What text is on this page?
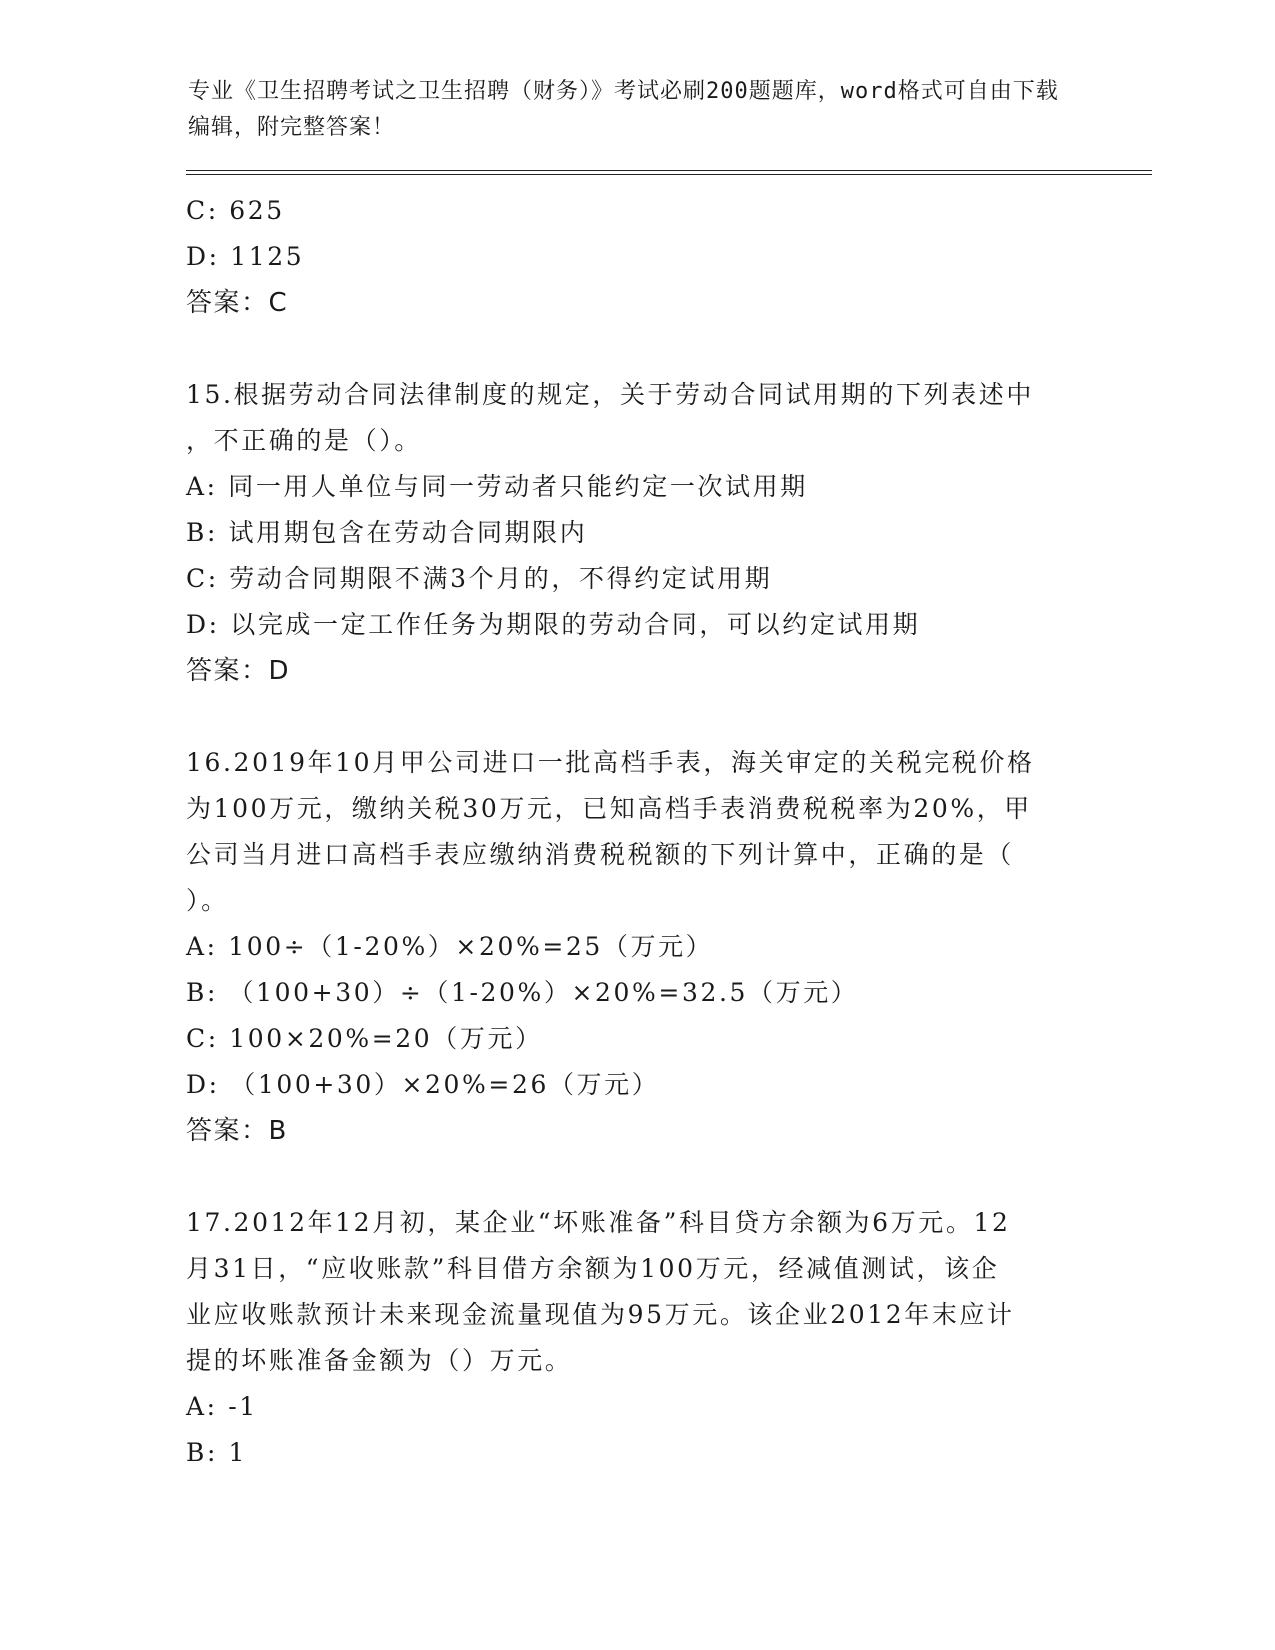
专业《卫生招聘考试之卫生招聘（财务）》考试必刷200题题库，word格式可自由下载编辑，附完整答案！
C: 625
D: 1125
答案：C
15.根据劳动合同法律制度的规定，关于劳动合同试用期的下列表述中
，不正确的是（）。
A: 同一用人单位与同一劳动者只能约定一次试用期
B: 试用期包含在劳动合同期限内
C: 劳动合同期限不满3个月的，不得约定试用期
D: 以完成一定工作任务为期限的劳动合同，可以约定试用期
答案：D
16.2019年10月甲公司进口一批高档手表，海关审定的关税完税价格
为100万元，缴纳关税30万元，已知高档手表消费税税率为20%，甲
公司当月进口高档手表应缴纳消费税税额的下列计算中，正确的是（
）。
A: 100÷（1-20%）×20%=25（万元）
B: （100+30）÷（1-20%）×20%=32.5（万元）
C: 100×20%=20（万元）
D: （100+30）×20%=26（万元）
答案：B
17.2012年12月初，某企业“坏账准备”科目贷方余额为6万元。12
月31日，“应收账款”科目借方余额为100万元，经减值测试，该企
业应收账款预计未来现金流量现值为95万元。该企业2012年末应计
提的坏账准备金额为（）万元。
A: -1
B: 1
